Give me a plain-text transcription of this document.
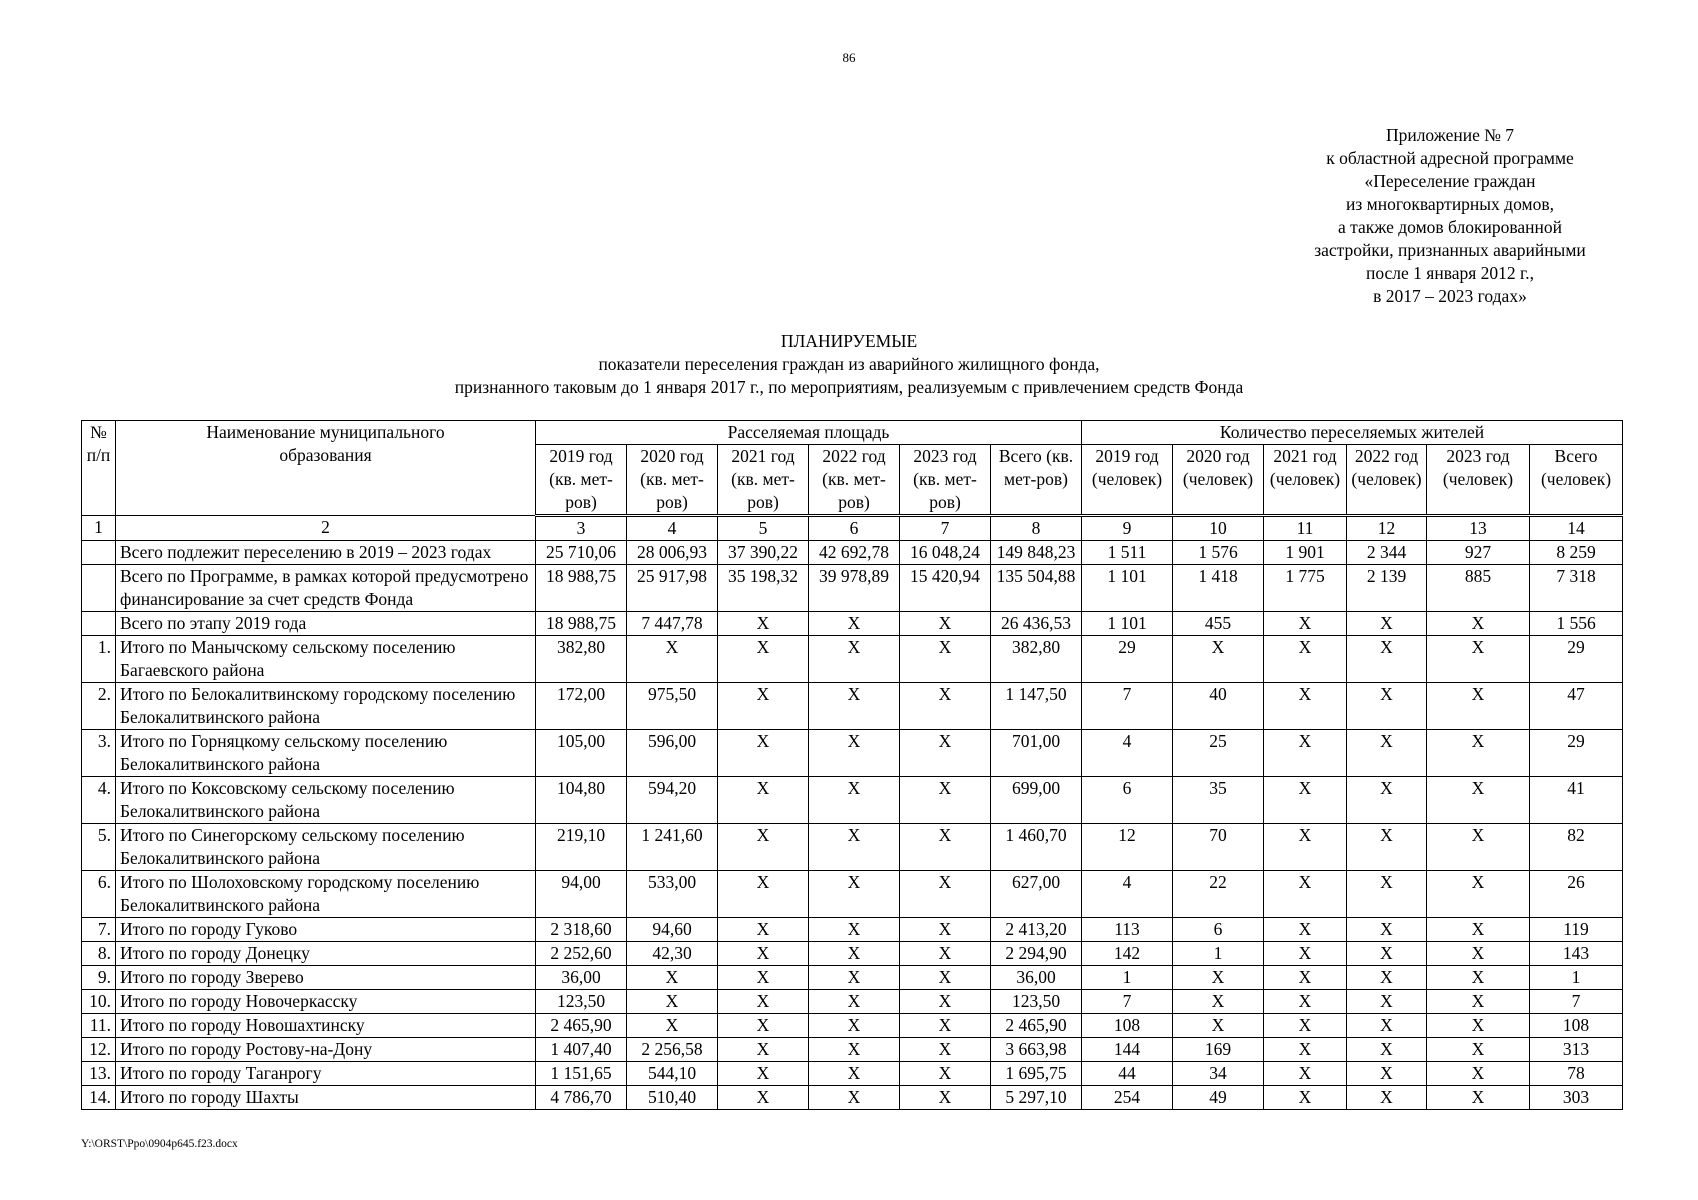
86
Приложение № 7
к областной адресной программе
«Переселение граждан
из многоквартирных домов,
а также домов блокированной
застройки, признанных аварийными
после 1 января 2012 г.,
в 2017 – 2023 годах»
ПЛАНИРУЕМЫЕ
показатели переселения граждан из аварийного жилищного фонда,
признанного таковым до 1 января 2017 г., по мероприятиям, реализуемым с привлечением средств Фонда
№ п/п	Наименование муниципального образования	Расселяемая площадь						Количество переселяемых жителей					
		2019 год (кв. мет-ров)	2020 год (кв. мет-ров)	2021 год (кв. мет-ров)	2022 год (кв. мет-ров)	2023 год (кв. мет-ров)	Всего (кв. мет-ров)	2019 год (человек)	2020 год (человек)	2021 год (человек)	2022 год (человек)	2023 год (человек)	Всего (человек)
1	2	3	4	5	6	7	8	9	10	11	12	13	14
	Всего подлежит переселению в 2019 – 2023 годах	25 710,06	28 006,93	37 390,22	42 692,78	16 048,24	149 848,23	1 511	1 576	1 901	2 344	927	8 259
	Всего по Программе, в рамках которой предусмотрено финансирование за счет средств Фонда	18 988,75	25 917,98	35 198,32	39 978,89	15 420,94	135 504,88	1 101	1 418	1 775	2 139	885	7 318
	Всего по этапу 2019 года	18 988,75	7 447,78	X	X	X	26 436,53	1 101	455	X	X	X	1 556
1.	Итого по Манычскому сельскому поселению Багаевского района	382,80	X	X	X	X	382,80	29	X	X	X	X	29
2.	Итого по Белокалитвинскому городскому поселению Белокалитвинского района	172,00	975,50	X	X	X	1 147,50	7	40	X	X	X	47
3.	Итого по Горняцкому сельскому поселению Белокалитвинского района	105,00	596,00	X	X	X	701,00	4	25	X	X	X	29
4.	Итого по Коксовскому сельскому поселению Белокалитвинского района	104,80	594,20	X	X	X	699,00	6	35	X	X	X	41
5.	Итого по Синегорскому сельскому поселению Белокалитвинского района	219,10	1 241,60	X	X	X	1 460,70	12	70	X	X	X	82
6.	Итого по Шолоховскому городскому поселению Белокалитвинского района	94,00	533,00	X	X	X	627,00	4	22	X	X	X	26
7.	Итого по городу Гуково	2 318,60	94,60	X	X	X	2 413,20	113	6	X	X	X	119
8.	Итого по городу Донецку	2 252,60	42,30	X	X	X	2 294,90	142	1	X	X	X	143
9.	Итого по городу Зверево	36,00	X	X	X	X	36,00	1	X	X	X	X	1
10.	Итого по городу Новочеркасску	123,50	X	X	X	X	123,50	7	X	X	X	X	7
11.	Итого по городу Новошахтинску	2 465,90	X	X	X	X	2 465,90	108	X	X	X	X	108
12.	Итого по городу Ростову-на-Дону	1 407,40	2 256,58	X	X	X	3 663,98	144	169	X	X	X	313
13.	Итого по городу Таганрогу	1 151,65	544,10	X	X	X	1 695,75	44	34	X	X	X	78
14.	Итого по городу Шахты	4 786,70	510,40	X	X	X	5 297,10	254	49	X	X	X	303
Y:\ORST\Ppo\0904p645.f23.docx
